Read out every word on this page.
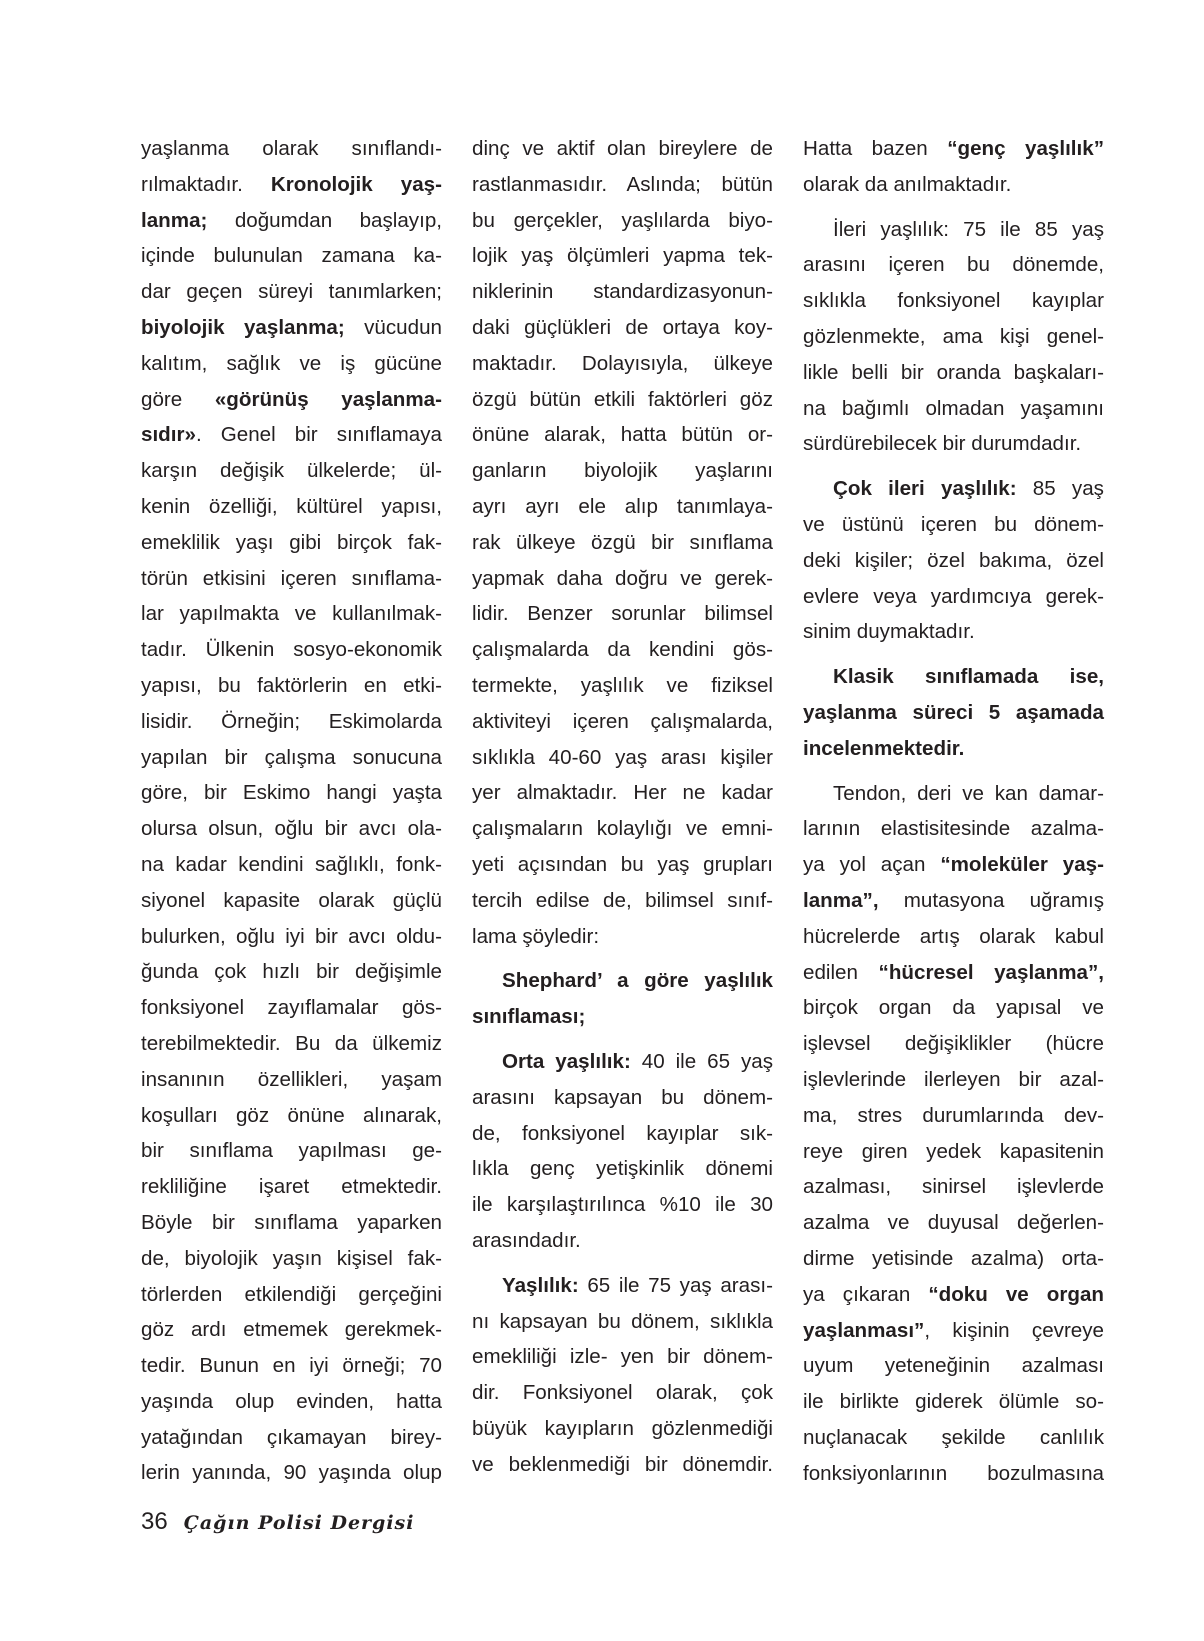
yaşlanma olarak sınıflandı-
rılmaktadır. Kronolojik yaş-
lanma; doğumdan başlayıp,
içinde bulunulan zamana ka-
dar geçen süreyi tanımlarken;
biyolojik yaşlanma; vücudun
kalıtım, sağlık ve iş gücüne
göre «görünüş yaşlanma-
sıdır». Genel bir sınıflamaya
karşın değişik ülkelerde; ül-
kenin özelliği, kültürel yapısı,
emeklilik yaşı gibi birçok fak-
törün etkisini içeren sınıflama-
lar yapılmakta ve kullanılmak-
tadır. Ülkenin sosyo-ekonomik
yapısı, bu faktörlerin en etki-
lisidir. Örneğin; Eskimolarda
yapılan bir çalışma sonucuna
göre, bir Eskimo hangi yaşta
olursa olsun, oğlu bir avcı ola-
na kadar kendini sağlıklı, fonk-
siyonel kapasite olarak güçlü
bulurken, oğlu iyi bir avcı oldu-
ğunda çok hızlı bir değişimle
fonksiyonel zayıflamalar gös-
terebilmektedir. Bu da ülkemiz
insanının özellikleri, yaşam
koşulları göz önüne alınarak,
bir sınıflama yapılması ge-
rekliliğine işaret etmektedir.
Böyle bir sınıflama yaparken
de, biyolojik yaşın kişisel fak-
törlerden etkilendiği gerçeğini
göz ardı etmemek gerekmek-
tedir. Bunun en iyi örneği; 70
yaşında olup evinden, hatta
yatağından çıkamayan birey-
lerin yanında, 90 yaşında olup
dinç ve aktif olan bireylere de
rastlanmasıdır. Aslında; bütün
bu gerçekler, yaşlılarda biyo-
lojik yaş ölçümleri yapma tek-
niklerinin standardizasyonun-
daki güçlükleri de ortaya koy-
maktadır. Dolayısıyla, ülkeye
özgü bütün etkili faktörleri göz
önüne alarak, hatta bütün or-
ganların biyolojik yaşlarını
ayrı ayrı ele alıp tanımlaya-
rak ülkeye özgü bir sınıflama
yapmak daha doğru ve gerek-
lidir. Benzer sorunlar bilimsel
çalışmalarda da kendini gös-
termekte, yaşlılık ve fiziksel
aktiviteyi içeren çalışmalarda,
sıklıkla 40-60 yaş arası kişiler
yer almaktadır. Her ne kadar
çalışmaların kolaylığı ve emni-
yeti açısından bu yaş grupları
tercih edilse de, bilimsel sınıf-
lama şöyledir:
Shephard’ a göre yaşlılık
sınıflaması;
Orta yaşlılık: 40 ile 65 yaş
arasını kapsayan bu dönem-
de, fonksiyonel kayıplar sık-
lıkla genç yetişkinlik dönemi
ile karşılaştırılınca %10 ile 30
arasındadır.
Yaşlılık: 65 ile 75 yaş arası-
nı kapsayan bu dönem, sıklıkla
emekliliği izle- yen bir dönem-
dir. Fonksiyonel olarak, çok
büyük kayıpların gözlenmediği
ve beklenmediği bir dönemdir.
Hatta bazen “genç yaşlılık”
olarak da anılmaktadır.
İleri yaşlılık: 75 ile 85 yaş
arasını içeren bu dönemde,
sıklıkla fonksiyonel kayıplar
gözlenmekte, ama kişi genel-
likle belli bir oranda başkaları-
na bağımlı olmadan yaşamını
sürdürebilecek bir durumdadır.
Çok ileri yaşlılık: 85 yaş
ve üstünü içeren bu dönem-
deki kişiler; özel bakıma, özel
evlere veya yardımcıya gerek-
sinim duymaktadır.
Klasik sınıflamada ise,
yaşlanma süreci 5 aşamada
incelenmektedir.
Tendon, deri ve kan damar-
larının elastisitesinde azalma-
ya yol açan “moleküler yaş-
lanma”, mutasyona uğramış
hücrelerde artış olarak kabul
edilen “hücresel yaşlanma”,
birçok organ da yapısal ve
işlevsel değişiklikler (hücre
işlevlerinde ilerleyen bir azal-
ma, stres durumlarında dev-
reye giren yedek kapasitenin
azalması, sinirsel işlevlerde
azalma ve duyusal değerlen-
dirme yetisinde azalma) orta-
ya çıkaran “doku ve organ
yaşlanması”, kişinin çevreye
uyum yeteneğinin azalması
ile birlikte giderek ölümle so-
nuçlanacak şekilde canlılık
fonksiyonlarının bozulmasına
36 Çağın Polisi Dergisi
